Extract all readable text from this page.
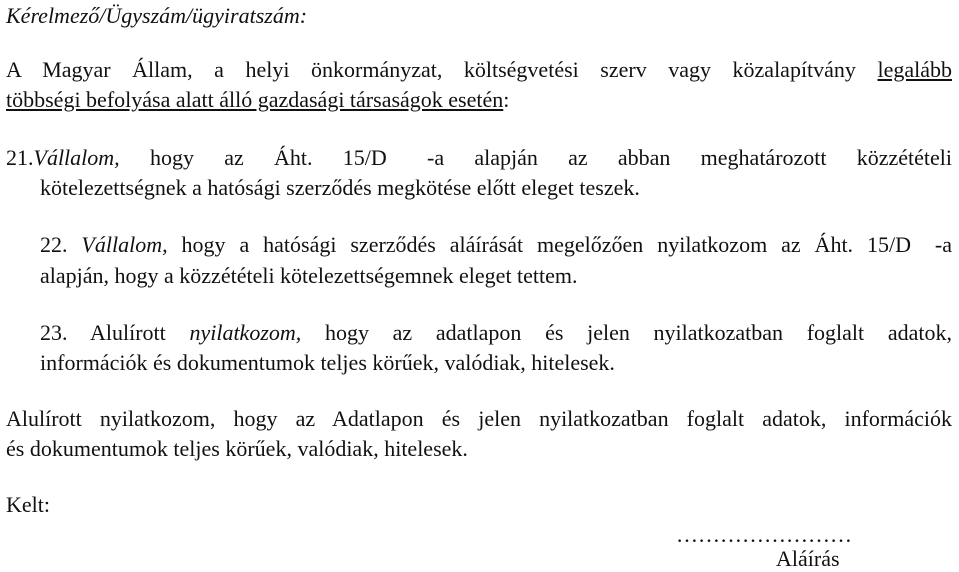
Kérelmező/Ügyszám/ügyiratszám:
A Magyar Állam, a helyi önkormányzat, költségvetési szerv vagy közalapítvány legalább
többségi befolyása alatt álló gazdasági társaságok esetén:
21.Vállalom, hogy az Áht. 15/D -a alapján az abban meghatározott közzétételi
kötelezettségnek a hatósági szerződés megkötése előtt eleget teszek.
22. Vállalom, hogy a hatósági szerződés aláírását megelőzően nyilatkozom az Áht. 15/D -a
alapján, hogy a közzétételi kötelezettségemnek eleget tettem.
23. Alulírott nyilatkozom, hogy az adatlapon és jelen nyilatkozatban foglalt adatok,
információk és dokumentumok teljes körűek, valódiak, hitelesek.
Alulírott nyilatkozom, hogy az Adatlapon és jelen nyilatkozatban foglalt adatok, információk
és dokumentumok teljes körűek, valódiak, hitelesek.
Kelt:
……………………
Aláírás
